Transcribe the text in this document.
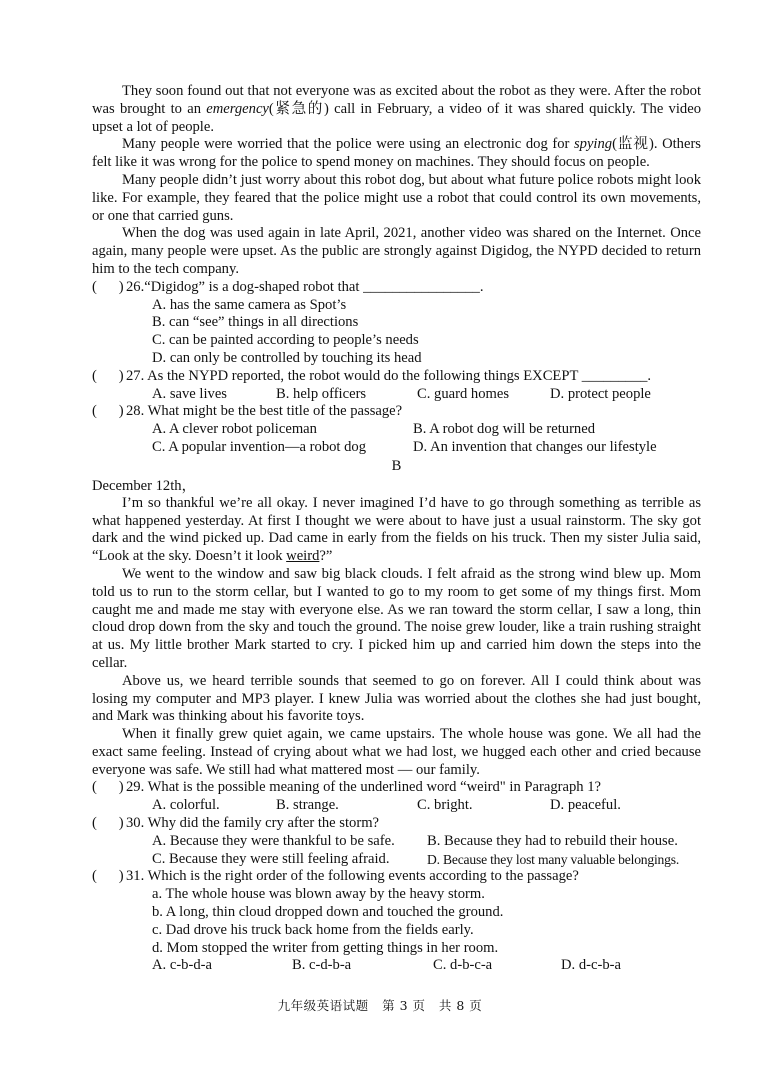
They soon found out that not everyone was as excited about the robot as they were. After the robot was brought to an emergency(紧急的) call in February, a video of it was shared quickly. The video upset a lot of people.

Many people were worried that the police were using an electronic dog for spying(监视). Others felt like it was wrong for the police to spend money on machines. They should focus on people.

Many people didn’t just worry about this robot dog, but about what future police robots might look like. For example, they feared that the police might use a robot that could control its own movements, or one that carried guns.

When the dog was used again in late April, 2021, another video was shared on the Internet. Once again, many people were upset. As the public are strongly against Digidog, the NYPD decided to return him to the tech company.

(      ) 26.“Digidog” is a dog-shaped robot that ________________.
A. has the same camera as Spot’s
B. can “see” things in all directions
C. can be painted according to people’s needs
D. can only be controlled by touching its head
(      ) 27. As the NYPD reported, the robot would do the following things EXCEPT _________.
A. save lives	B. help officers	C. guard homes	D. protect people
(      ) 28. What might be the best title of the passage?
A. A clever robot policeman	B. A robot dog will be returned
C. A popular invention—a robot dog	D. An invention that changes our lifestyle
B
December 12th，

I’m so thankful we’re all okay. I never imagined I’d have to go through something as terrible as what happened yesterday. At first I thought we were about to have just a usual rainstorm. The sky got dark and the wind picked up. Dad came in early from the fields on his truck. Then my sister Julia said, “Look at the sky. Doesn’t it look weird?”

We went to the window and saw big black clouds. I felt afraid as the strong wind blew up. Mom told us to run to the storm cellar, but I wanted to go to my room to get some of my things first. Mom caught me and made me stay with everyone else. As we ran toward the storm cellar, I saw a long, thin cloud drop down from the sky and touch the ground. The noise grew louder, like a train rushing straight at us. My little brother Mark started to cry. I picked him up and carried him down the steps into the cellar.

Above us, we heard terrible sounds that seemed to go on forever. All I could think about was losing my computer and MP3 player. I knew Julia was worried about the clothes she had just bought, and Mark was thinking about his favorite toys.

When it finally grew quiet again, we came upstairs. The whole house was gone. We all had the exact same feeling. Instead of crying about what we had lost, we hugged each other and cried because everyone was safe. We still had what mattered most — our family.

(      ) 29. What is the possible meaning of the underlined word “weird" in Paragraph 1?
A. colorful.	B. strange.	C. bright.	D. peaceful.
(      ) 30. Why did the family cry after the storm?
A. Because they were thankful to be safe.	B. Because they had to rebuild their house.
C. Because they were still feeling afraid.	D. Because they lost many valuable belongings.
(      ) 31. Which is the right order of the following events according to the passage?
a. The whole house was blown away by the heavy storm.
b. A long, thin cloud dropped down and touched the ground.
c. Dad drove his truck back home from the fields early.
d. Mom stopped the writer from getting things in her room.
A. c-b-d-a	B. c-d-b-a	C. d-b-c-a	D. d-c-b-a
九年级英语试题   第 3 页   共 8 页
